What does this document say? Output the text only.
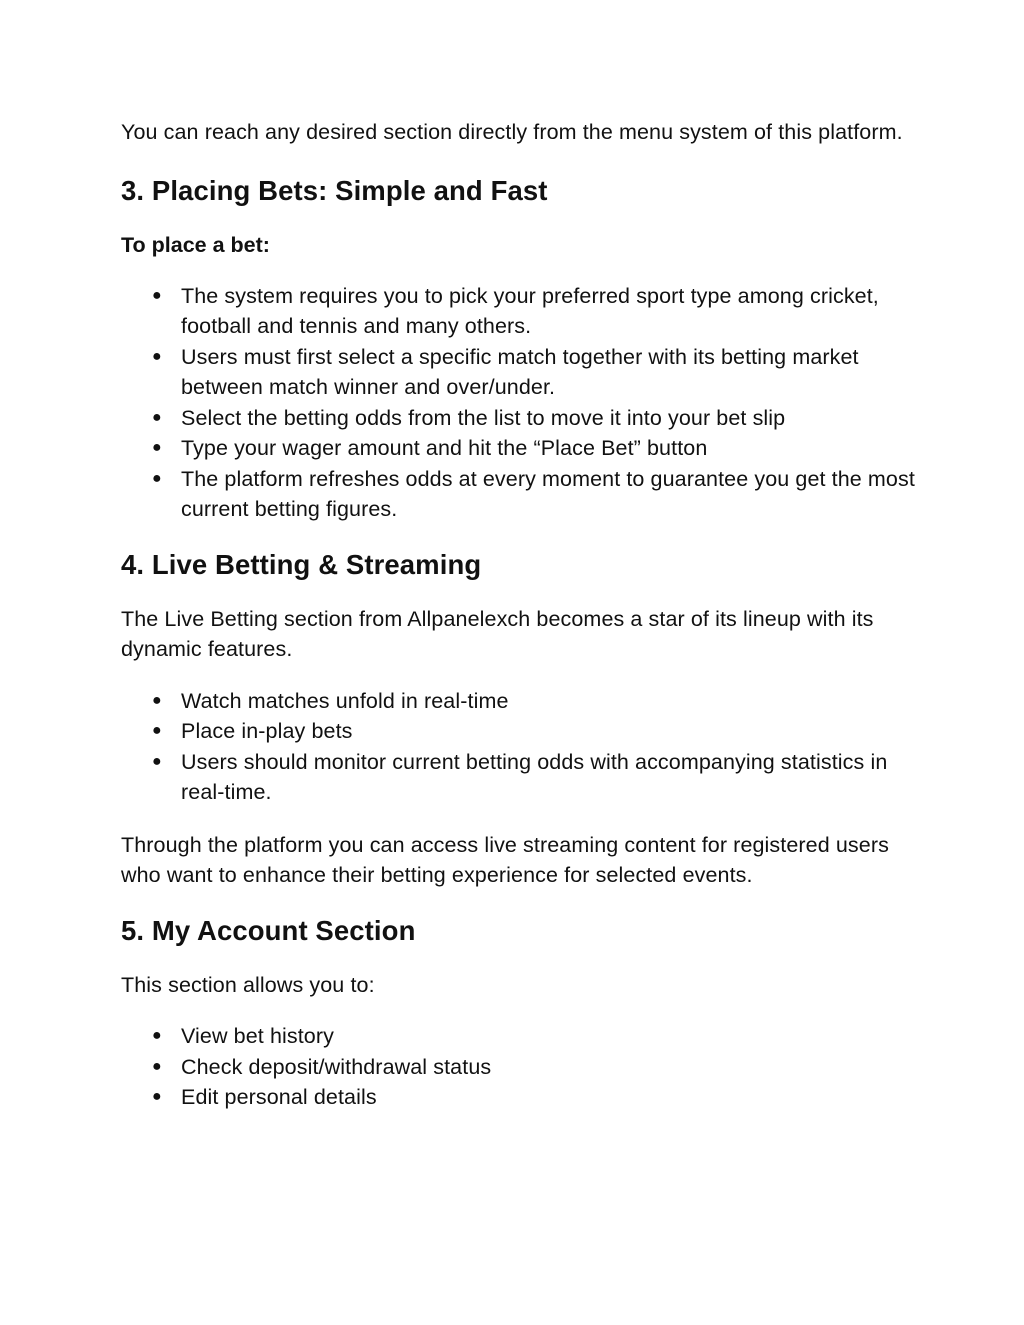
You can reach any desired section directly from the menu system of this platform.

3. Placing Bets: Simple and Fast

To place a bet:

● The system requires you to pick your preferred sport type among cricket, football and tennis and many others.
● Users must first select a specific match together with its betting market between match winner and over/under.
● Select the betting odds from the list to move it into your bet slip
● Type your wager amount and hit the “Place Bet” button
● The platform refreshes odds at every moment to guarantee you get the most current betting figures.
4. Live Betting & Streaming

The Live Betting section from Allpanelexch becomes a star of its lineup with its dynamic features.

● Watch matches unfold in real-time
● Place in-play bets
● Users should monitor current betting odds with accompanying statistics in real-time.

Through the platform you can access live streaming content for registered users who want to enhance their betting experience for selected events.

5. My Account Section

This section allows you to:

● View bet history
● Check deposit/withdrawal status
● Edit personal details
